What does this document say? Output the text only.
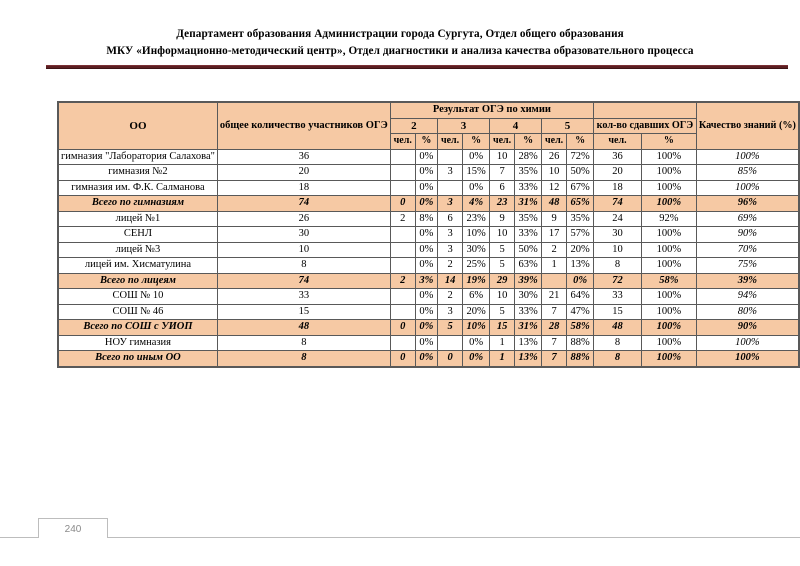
Департамент образования Администрации города Сургута, Отдел общего образования
МКУ «Информационно-методический центр», Отдел диагностики и анализа качества образовательного процесса
ОО	общее количество участников ОГЭ	Результат ОГЭ по химии										Качество знаний (%)
		2		3		4		5		кол-во сдавших ОГЭ		
		чел.	%	чел.	%	чел.	%	чел.	%	чел.	%	
гимназия "Лаборатория Салахова"	36		0%		0%	10	28%	26	72%	36	100%	100%
гимназия №2	20		0%	3	15%	7	35%	10	50%	20	100%	85%
гимназия им. Ф.К. Салманова	18		0%		0%	6	33%	12	67%	18	100%	100%
Всего по гимназиям	74	0	0%	3	4%	23	31%	48	65%	74	100%	96%
лицей №1	26	2	8%	6	23%	9	35%	9	35%	24	92%	69%
СЕНЛ	30		0%	3	10%	10	33%	17	57%	30	100%	90%
лицей №3	10		0%	3	30%	5	50%	2	20%	10	100%	70%
лицей им. Хисматулина	8		0%	2	25%	5	63%	1	13%	8	100%	75%
Всего по лицеям	74	2	3%	14	19%	29	39%		0%	72	58%	39%
СОШ № 10	33		0%	2	6%	10	30%	21	64%	33	100%	94%
СОШ № 46	15		0%	3	20%	5	33%	7	47%	15	100%	80%
Всего по СОШ с УИОП	48	0	0%	5	10%	15	31%	28	58%	48	100%	90%
НОУ гимназия	8		0%		0%	1	13%	7	88%	8	100%	100%
Всего по иным ОО	8	0	0%	0	0%	1	13%	7	88%	8	100%	100%
240
